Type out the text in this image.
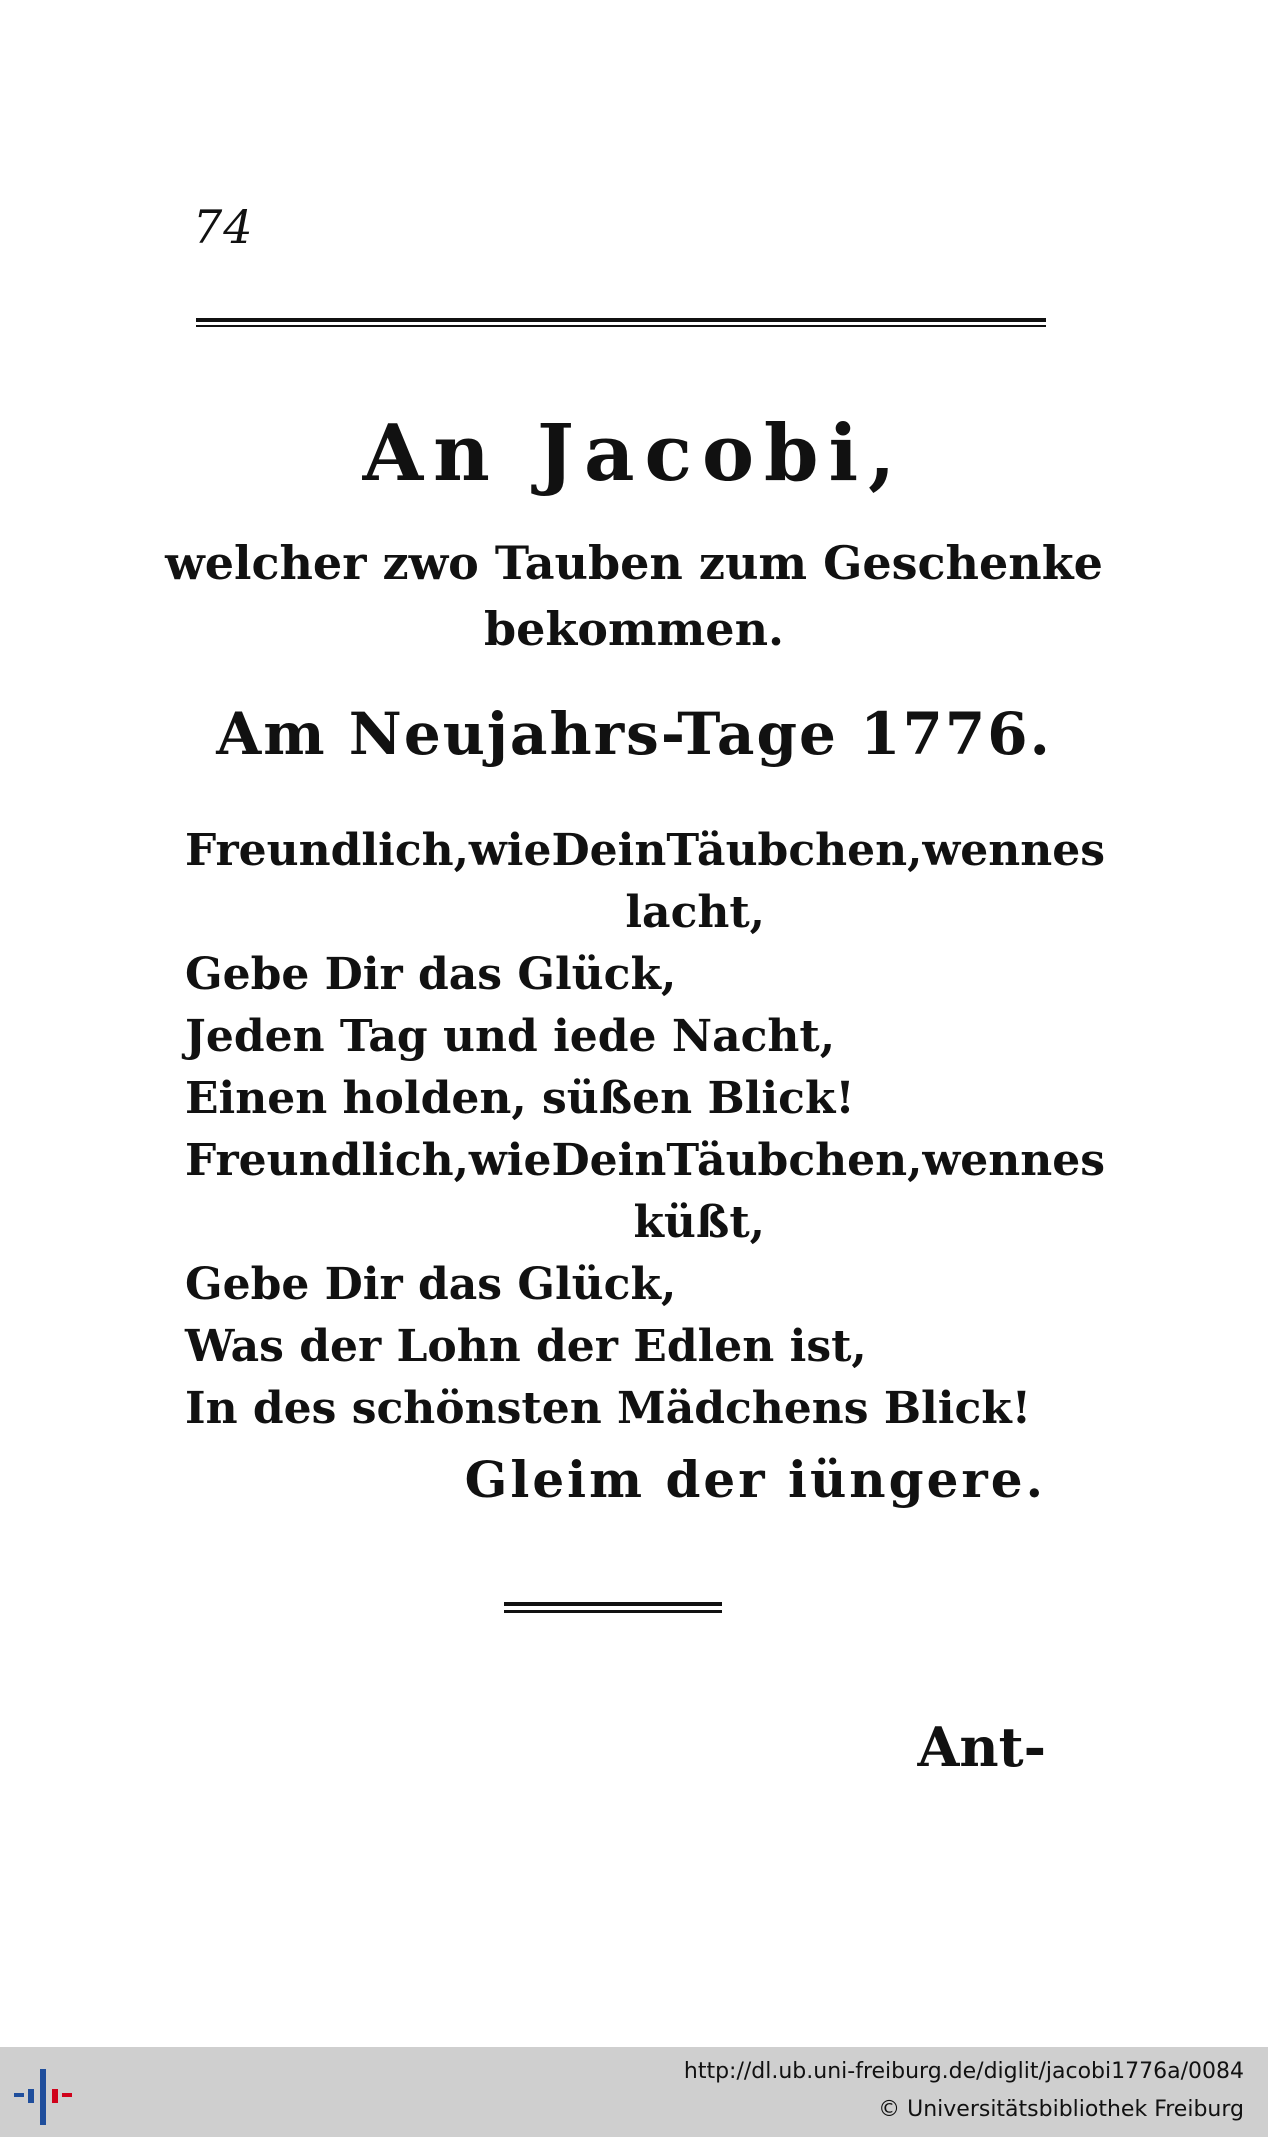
74
An Jacobi,
welcher zwo Tauben zum Geschenke
bekommen.
Am Neujahrs-Tage 1776.
Freundlich, wie Dein Täubchen, wenn es
lacht,
Gebe Dir das Glück,
Jeden Tag und iede Nacht,
Einen holden, süßen Blick!
Freundlich, wie Dein Täubchen, wenn es
küßt,
Gebe Dir das Glück,
Was der Lohn der Edlen ist,
In des schönsten Mädchens Blick!
Gleim der iüngere.
Ant-
http://dl.ub.uni-freiburg.de/diglit/jacobi1776a/0084
© Universitätsbibliothek Freiburg
